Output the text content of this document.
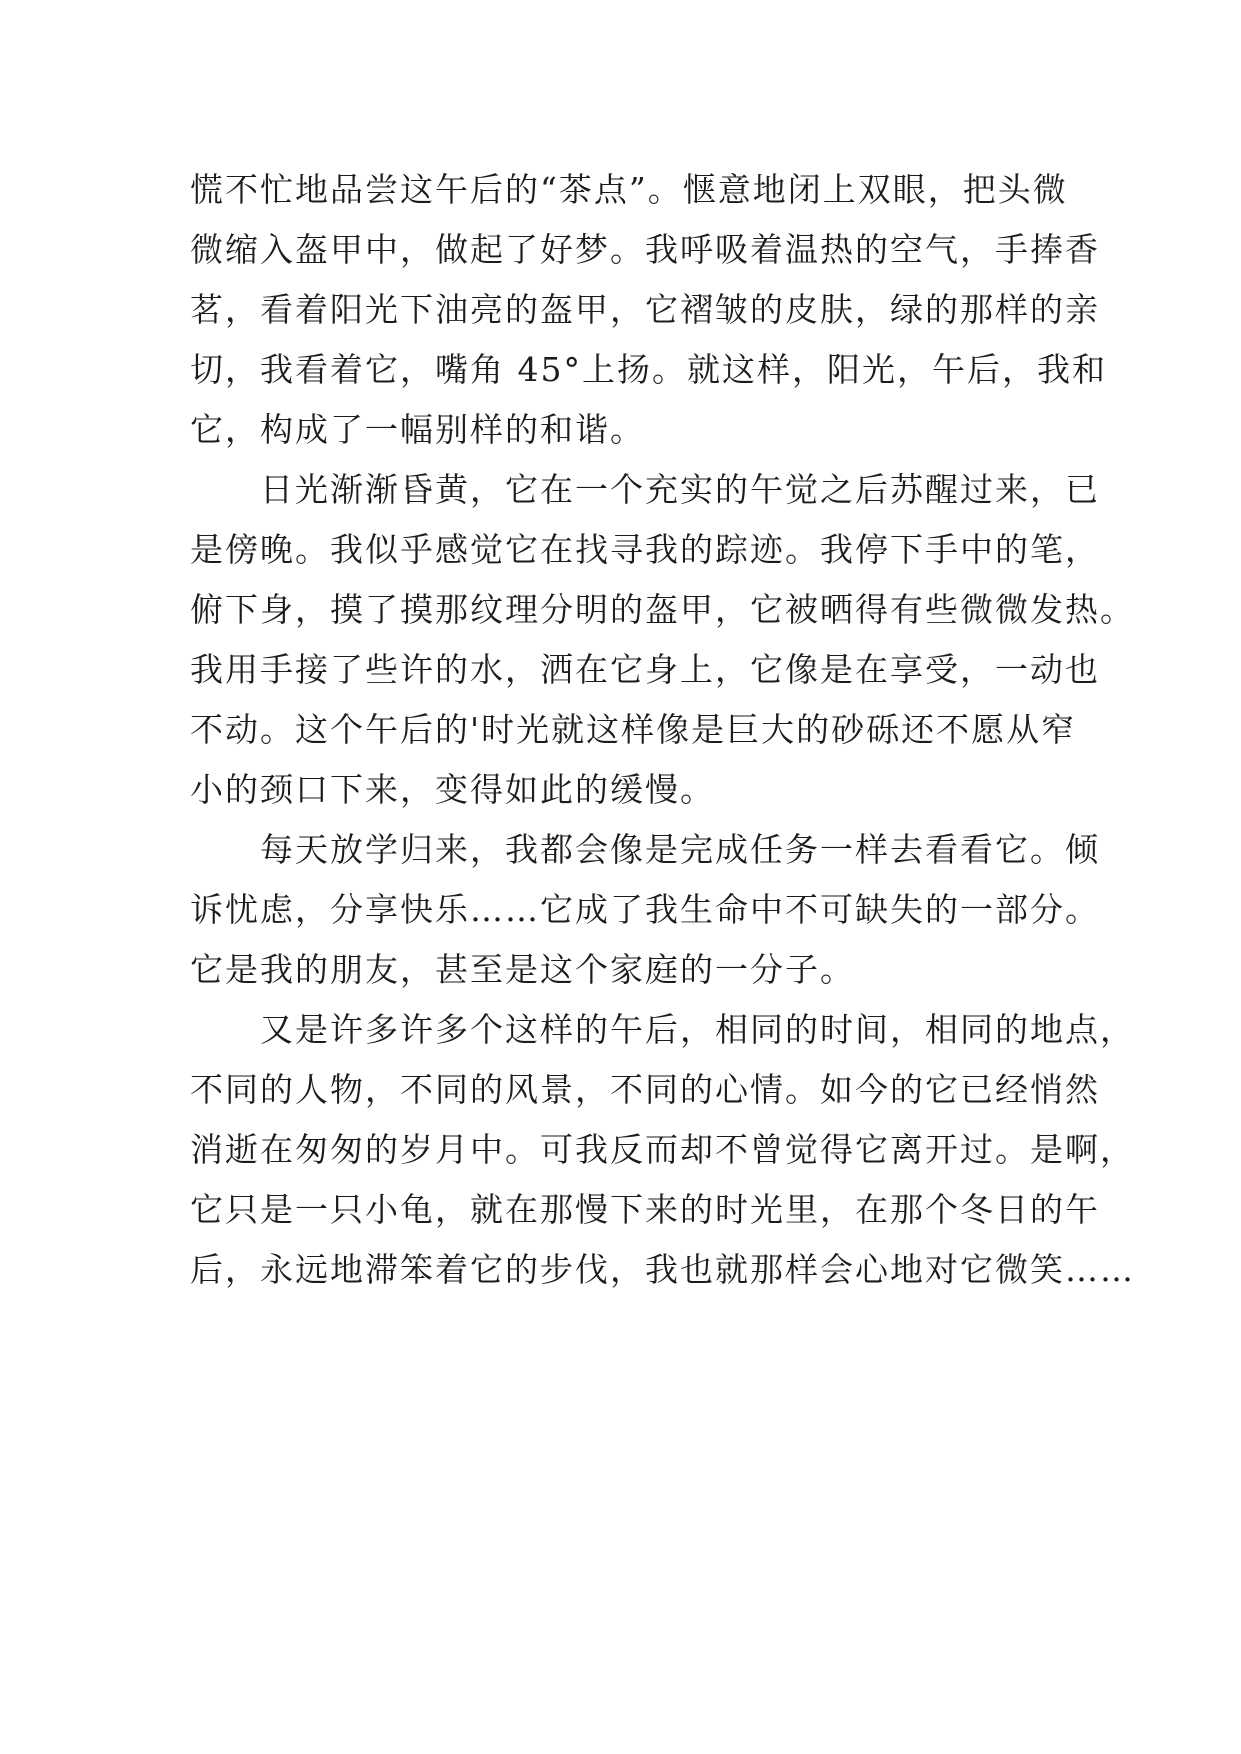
慌不忙地品尝这午后的“茶点”。惬意地闭上双眼，把头微
微缩入盔甲中，做起了好梦。我呼吸着温热的空气，手捧香
茗，看着阳光下油亮的盔甲，它褶皱的皮肤，绿的那样的亲
切，我看着它，嘴角 45°上扬。就这样，阳光，午后，我和
它，构成了一幅别样的和谐。
　　日光渐渐昏黄，它在一个充实的午觉之后苏醒过来，已
是傍晚。我似乎感觉它在找寻我的踪迹。我停下手中的笔，
俯下身，摸了摸那纹理分明的盔甲，它被晒得有些微微发热。
我用手接了些许的水，洒在它身上，它像是在享受，一动也
不动。这个午后的'时光就这样像是巨大的砂砾还不愿从窄
小的颈口下来，变得如此的缓慢。
　　每天放学归来，我都会像是完成任务一样去看看它。倾
诉忧虑，分享快乐……它成了我生命中不可缺失的一部分。
它是我的朋友，甚至是这个家庭的一分子。
　　又是许多许多个这样的午后，相同的时间，相同的地点，
不同的人物，不同的风景，不同的心情。如今的它已经悄然
消逝在匆匆的岁月中。可我反而却不曾觉得它离开过。是啊，
它只是一只小龟，就在那慢下来的时光里，在那个冬日的午
后，永远地滞笨着它的步伐，我也就那样会心地对它微笑……
